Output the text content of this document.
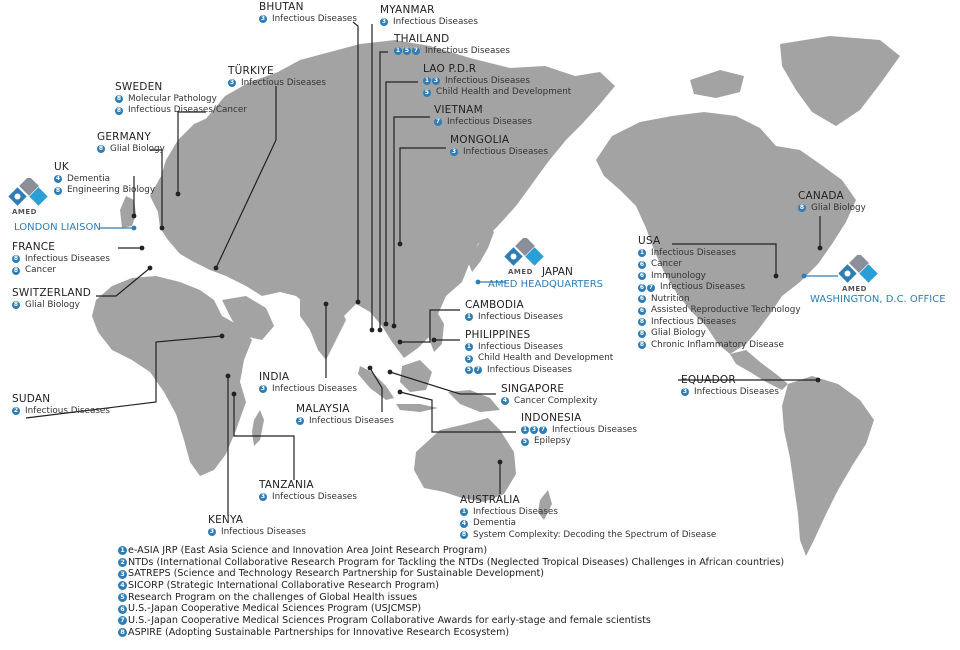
BHUTAN
3 Infectious Diseases
MYANMAR
3 Infectious Diseases
THAILAND
1 5 7 Infectious Diseases
LAO P.D.R
1 3 Infectious Diseases
5 Child Health and Development
VIETNAM
7 Infectious Diseases
MONGOLIA
3 Infectious Diseases
TÜRKIYE
3 Infectious Diseases
SWEDEN
8 Molecular Pathology
8 Infectious Diseases/Cancer
GERMANY
8 Glial Biology
UK
4 Dementia
8 Engineering Biology
FRANCE
8 Infectious Diseases
8 Cancer
SWITZERLAND
8 Glial Biology
SUDAN
2 Infectious Diseases
INDIA
3 Infectious Diseases
MALAYSIA
3 Infectious Diseases
TANZANIA
3 Infectious Diseases
KENYA
3 Infectious Diseases
CAMBODIA
1 Infectious Diseases
PHILIPPINES
1 Infectious Diseases
5 Child Health and Development
5 7 Infectious Diseases
SINGAPORE
4 Cancer Complexity
INDONESIA
1 3 7 Infectious Diseases
5 Epilepsy
AUSTRALIA
1 Infectious Diseases
4 Dementia
8 System Complexity: Decoding the Spectrum of Disease
CANADA
8 Glial Biology
USA
1 Infectious Diseases
6 Cancer
6 Immunology
6 7 Infectious Diseases
6 Nutrition
6 Assisted Reproductive Technology
8 Infectious Diseases
8 Glial Biology
8 Chronic Inflammatory Disease
EQUADOR
3 Infectious Diseases
AMED
LONDON LIAISON
AMED
AMED HEADQUARTERS
JAPAN
AMED
WASHINGTON, D.C. OFFICE
1 e-ASIA JRP (East Asia Science and Innovation Area Joint Research Program)
2 NTDs (International Collaborative Research Program for Tackling the NTDs (Neglected Tropical Diseases) Challenges in African countries)
3 SATREPS (Science and Technology Research Partnership for Sustainable Development)
4 SICORP (Strategic International Collaborative Research Program)
5 Research Program on the challenges of Global Health issues
6 U.S.-Japan Cooperative Medical Sciences Program (USJCMSP)
7 U.S.-Japan Cooperative Medical Sciences Program Collaborative Awards for early-stage and female scientists
8 ASPIRE (Adopting Sustainable Partnerships for Innovative Research Ecosystem)
